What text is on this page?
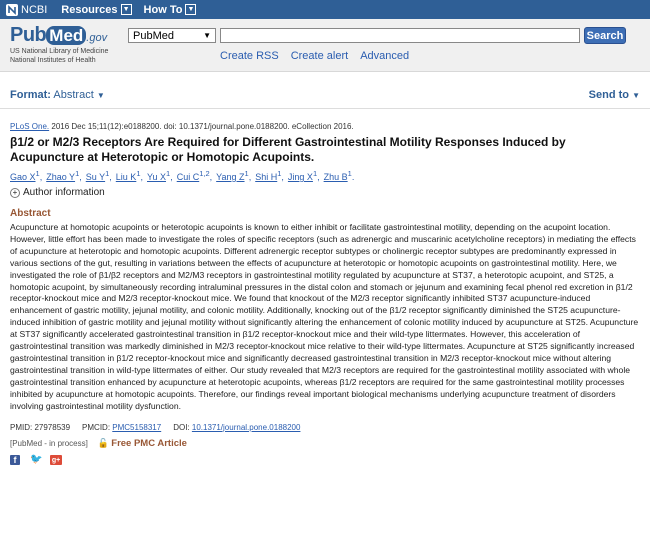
NCBI Resources ▼ How To ▼
Pub Med .gov
US National Library of Medicine
National Institutes of Health
PubMed	▼	Search
Create RSS Create alert Advanced
Format: Abstract ▼	Send to ▼
PLoS One. 2016 Dec 15;11(12):e0188200. doi: 10.1371/journal.pone.0188200. eCollection 2016.
β1/2 or M2/3 Receptors Are Required for Different Gastrointestinal Motility Responses Induced by Acupuncture at Heterotopic or Homotopic Acupoints.
Gao $X^1$, Zhao $Y^1$, Su $Y^1$, Liu $K^1$, Yu $X^1$, Cui C$^{1,2}$, Yang $Z^1$, Shi $H^1$, Jing $X^1$, Zhu $B^1$.
+ Author information
Abstract
Acupuncture at homotopic acupoints or heterotopic acupoints is known to either inhibit or facilitate gastrointestinal motility, depending on the acupoint location. However, little effort has been made to investigate the roles of specific receptors (such as adrenergic and muscarinic acetylcholine receptors) in mediating the effects of acupuncture at heterotopic and homotopic acupoints. Different adrenergic receptor subtypes or cholinergic receptor subtypes are predominantly expressed in various sections of the gut, resulting in variations between the effects of acupuncture at heterotopic or homotopic acupoints on gastrointestinal motility. Here, we investigated the role of β1/β2 receptors and M2/M3 receptors in gastrointestinal motility regulated by acupuncture at ST37, a heterotopic acupoint, and ST25, a homotopic acupoint, by simultaneously recording intraluminal pressures in the distal colon and stomach or jejunum and examining fecal phenol red excretion in β1/2 receptor-knockout mice and M2/3 receptor-knockout mice. We found that knockout of the M2/3 receptor significantly inhibited ST37 acupuncture-induced enhancement of gastric motility, jejunal motility, and colonic motility. Additionally, knocking out of the β1/2 receptor significantly diminished the ST25 acupuncture-induced inhibition of gastric motility and jejunal motility without significantly altering the enhancement of colonic motility induced by acupuncture at ST25. Acupuncture at ST37 significantly accelerated gastrointestinal transition in β1/2 receptor-knockout mice and their wild-type littermates. However, this acceleration of gastrointestinal transition was markedly diminished in M2/3 receptor-knockout mice relative to their wild-type littermates. Acupuncture at ST25 significantly increased gastrointestinal transition in β1/2 receptor-knockout mice and significantly decreased gastrointestinal transition in M2/3 receptor-knockout mice without altering gastrointestinal transition in wild-type littermates of either. Our study revealed that M2/3 receptors are required for the gastrointestinal motility associated with whole gastrointestinal transition enhanced by acupuncture at heterotopic acupoints, whereas β1/2 receptors are required for the same gastrointestinal motility processes inhibited by acupuncture at homotopic acupoints. Therefore, our findings reveal important biological mechanisms underlying acupuncture treatment of disorders involving gastrointestinal motility dysfunction.
PMID: 27978539 PMCID: PMC5158317 DOI: 10.1371/journal.pone.0188200
[PubMed - in process] 🔓 Free PMC Article
f	🐦 g+
